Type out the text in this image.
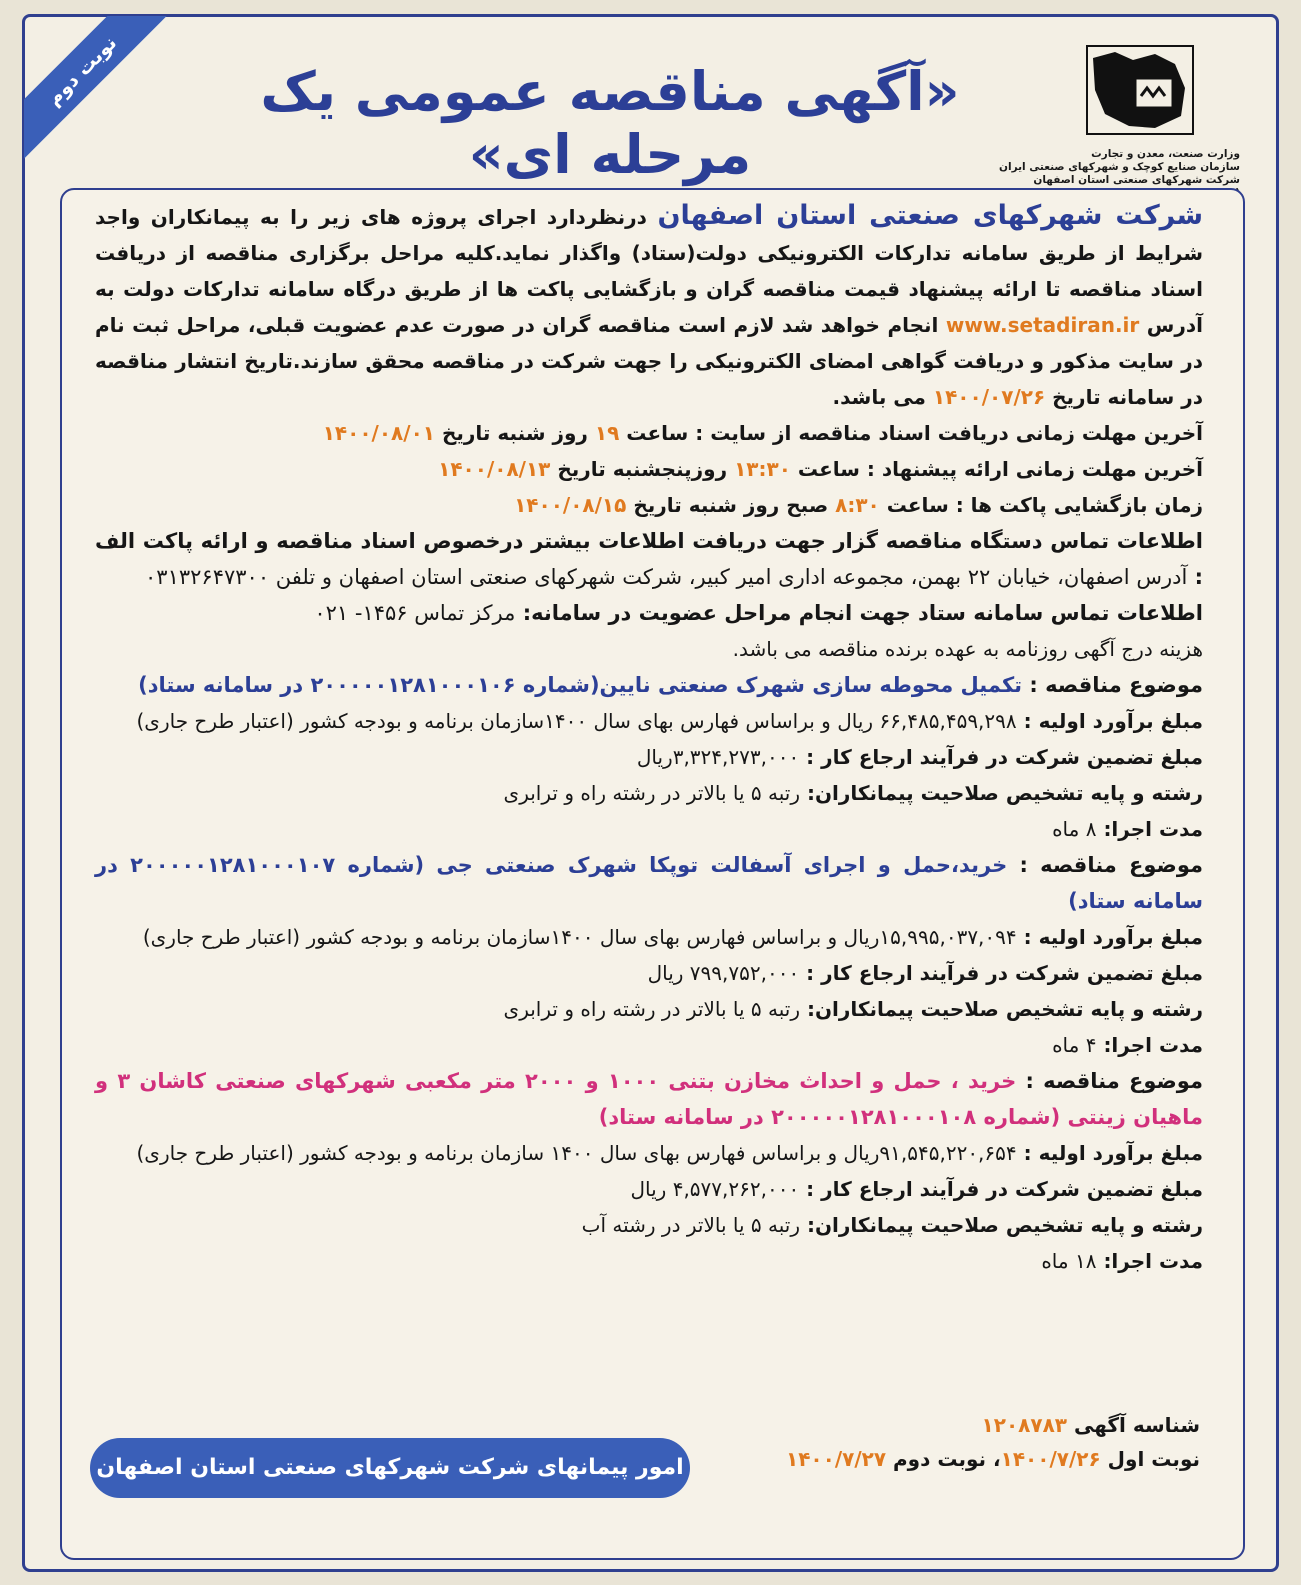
نوبت دوم	«آگهی مناقصه عمومی یک مرحله ای»	وزارت صنعت، معدن و تجارت
سازمان صنایع کوچک و شهرکهای صنعتی ایران
شرکت شهرکهای صنعتی استان اصفهان
شرکت شهرکهای صنعتی استان اصفهان درنظردارد اجرای پروژه های زیر را به پیمانکاران واجد شرایط از طریق سامانه تدارکات الکترونیکی دولت(ستاد) واگذار نماید.کلیه مراحل برگزاری مناقصه از دریافت اسناد مناقصه تا ارائه پیشنهاد قیمت مناقصه گران و بازگشایی پاکت ها از طریق درگاه سامانه تدارکات دولت به آدرس www.setadiran.ir انجام خواهد شد لازم است مناقصه گران در صورت عدم عضویت قبلی، مراحل ثبت نام در سایت مذکور و دریافت گواهی امضای الکترونیکی را جهت شرکت در مناقصه محقق سازند.تاریخ انتشار مناقصه در سامانه تاریخ ۱۴۰۰/۰۷/۲۶ می باشد.
آخرین مهلت زمانی دریافت اسناد مناقصه از سایت : ساعت ۱۹ روز شنبه تاریخ ۱۴۰۰/۰۸/۰۱
آخرین مهلت زمانی ارائه پیشنهاد : ساعت ۱۳:۳۰ روزپنجشنبه تاریخ ۱۴۰۰/۰۸/۱۳
زمان بازگشایی پاکت ها : ساعت ۸:۳۰ صبح روز شنبه تاریخ ۱۴۰۰/۰۸/۱۵
اطلاعات تماس دستگاه مناقصه گزار جهت دریافت اطلاعات بیشتر درخصوص اسناد مناقصه و ارائه پاکت الف : آدرس اصفهان، خیابان ۲۲ بهمن، مجموعه اداری امیر کبیر، شرکت شهرکهای صنعتی استان اصفهان و تلفن ۰۳۱۳۲۶۴۷۳۰۰
اطلاعات تماس سامانه ستاد جهت انجام مراحل عضویت در سامانه: مرکز تماس ۱۴۵۶- ۰۲۱
هزینه درج آگهی روزنامه به عهده برنده مناقصه می باشد.
موضوع مناقصه : تکمیل محوطه سازی شهرک صنعتی نایین(شماره ۲۰۰۰۰۰۱۲۸۱۰۰۰۱۰۶ در سامانه ستاد)
مبلغ برآورد اولیه : ۶۶,۴۸۵,۴۵۹,۲۹۸ ریال و براساس فهارس بهای سال ۱۴۰۰سازمان برنامه و بودجه کشور (اعتبار طرح جاری)
مبلغ تضمین شرکت در فرآیند ارجاع کار : ۳,۳۲۴,۲۷۳,۰۰۰ریال
رشته و پایه تشخیص صلاحیت پیمانکاران: رتبه ۵ یا بالاتر در رشته راه و ترابری
مدت اجرا: ۸ ماه
موضوع مناقصه : خرید،حمل و اجرای آسفالت توپکا شهرک صنعتی جی (شماره ۲۰۰۰۰۰۱۲۸۱۰۰۰۱۰۷ در سامانه ستاد)
مبلغ برآورد اولیه : ۱۵,۹۹۵,۰۳۷,۰۹۴ریال و براساس فهارس بهای سال ۱۴۰۰سازمان برنامه و بودجه کشور (اعتبار طرح جاری)
مبلغ تضمین شرکت در فرآیند ارجاع کار : ۷۹۹,۷۵۲,۰۰۰ ریال
رشته و پایه تشخیص صلاحیت پیمانکاران: رتبه ۵ یا بالاتر در رشته راه و ترابری
مدت اجرا: ۴ ماه
موضوع مناقصه : خرید ، حمل و احداث مخازن بتنی ۱۰۰۰ و ۲۰۰۰ متر مکعبی شهرکهای صنعتی کاشان ۳ و ماهیان زینتی (شماره ۲۰۰۰۰۰۱۲۸۱۰۰۰۱۰۸ در سامانه ستاد)
مبلغ برآورد اولیه : ۹۱,۵۴۵,۲۲۰,۶۵۴ریال و براساس فهارس بهای سال ۱۴۰۰ سازمان برنامه و بودجه کشور (اعتبار طرح جاری)
مبلغ تضمین شرکت در فرآیند ارجاع کار : ۴,۵۷۷,۲۶۲,۰۰۰ ریال
رشته و پایه تشخیص صلاحیت پیمانکاران: رتبه ۵ یا بالاتر در رشته آب
مدت اجرا: ۱۸ ماه
شناسه آگهی ۱۲۰۸۷۸۳
نوبت اول ۱۴۰۰/۷/۲۶، نوبت دوم ۱۴۰۰/۷/۲۷
امور پیمانهای شرکت شهرکهای صنعتی استان اصفهان
